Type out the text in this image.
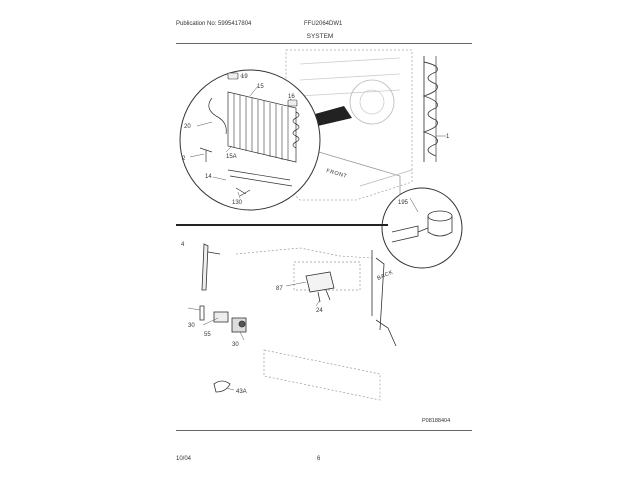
Publication No: 5995417804	FFU2064DW1
SYSTEM
19
15
16
20
2	15A
14
130
1
195
4
87
24
30
55
30
43A
FRONT
BACK
P08188404
10/04	6
